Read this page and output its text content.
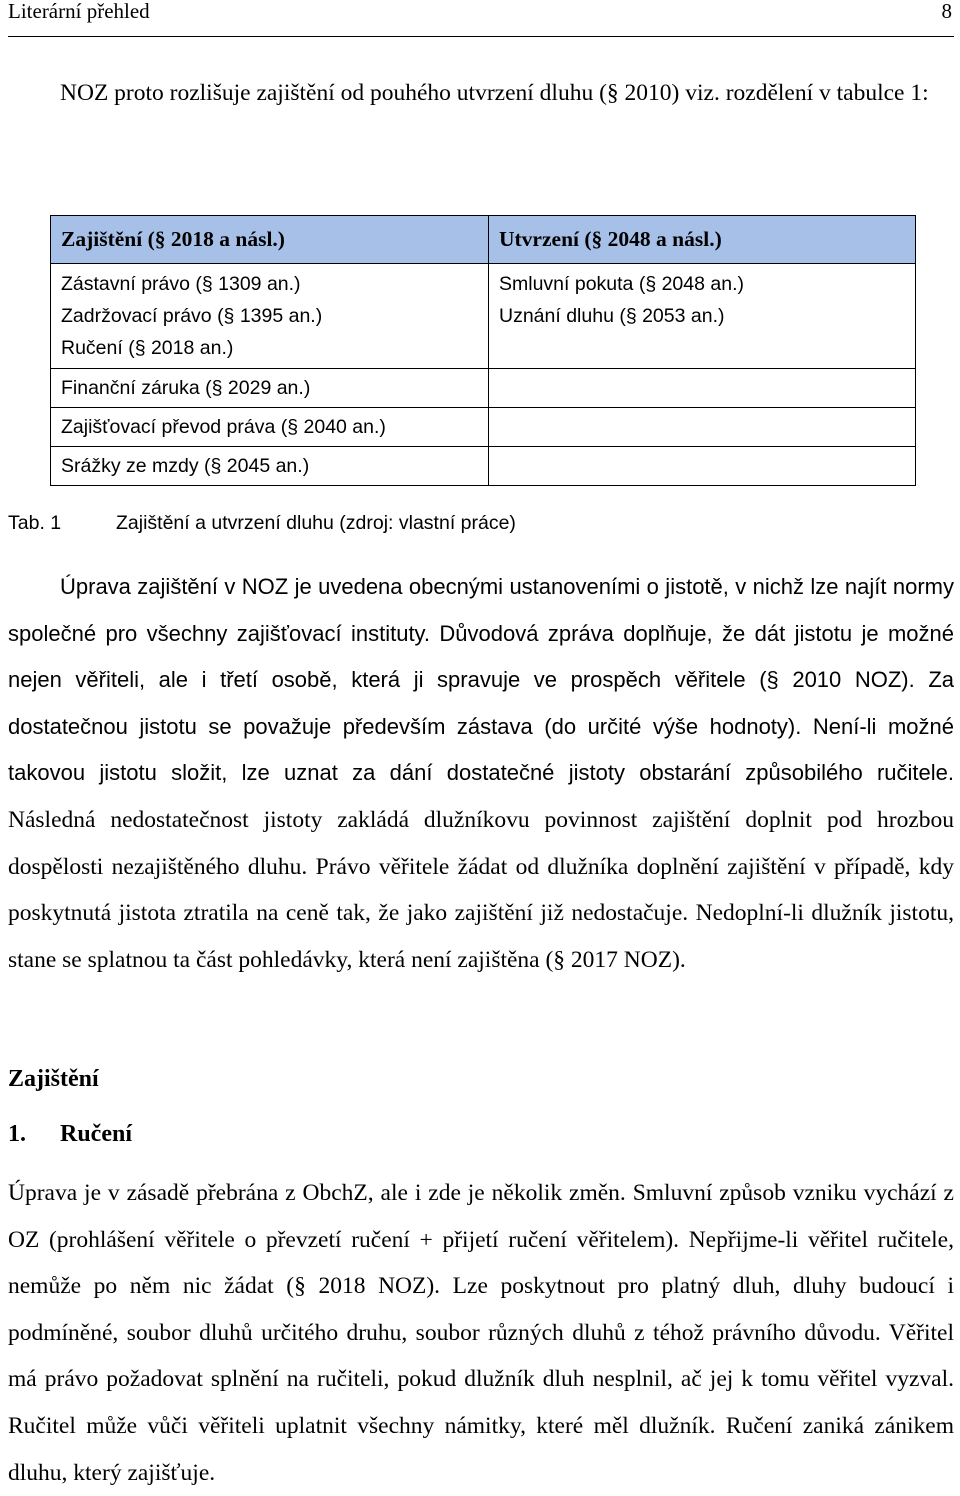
Literární přehled	8

NOZ proto rozlišuje zajištění od pouhého utvrzení dluhu (§ 2010) viz. rozdělení v tabulce 1:

Zajištění (§ 2018 a násl.)	Utvrzení (§ 2048 a násl.)
Zástavní právo (§ 1309 an.)	Smluvní pokuta (§ 2048 an.)
Zadržovací právo (§ 1395 an.)	Uznání dluhu (§ 2053 an.)
Ručení (§ 2018 an.)	
Finanční záruka (§ 2029 an.)	
Zajišťovací převod práva (§ 2040 an.)	
Srážky ze mzdy (§ 2045 an.)	
Tab. 1	Zajištění a utvrzení dluhu (zdroj: vlastní práce)

Úprava zajištění v NOZ je uvedena obecnými ustanoveními o jistotě, v nichž lze najít normy společné pro všechny zajišťovací instituty. Důvodová zpráva doplňuje, že dát jistotu je možné nejen věřiteli, ale i třetí osobě, která ji spravuje ve prospěch věřitele (§ 2010 NOZ). Za dostatečnou jistotu se považuje především zástava (do určité výše hodnoty). Není-li možné takovou jistotu složit, lze uznat za dání dostatečné jistoty obstarání způsobilého ručitele. Následná nedostatečnost jistoty zakládá dlužníkovu povinnost zajištění doplnit pod hrozbou dospělosti nezajištěného dluhu. Právo věřitele žádat od dlužníka doplnění zajištění v případě, kdy poskytnutá jistota ztratila na ceně tak, že jako zajištění již nedostačuje. Nedoplní-li dlužník jistotu, stane se splatnou ta část pohledávky, která není zajištěna (§ 2017 NOZ).

Zajištění
1. Ručení

Úprava je v zásadě přebrána z ObchZ, ale i zde je několik změn. Smluvní způsob vzniku vychází z OZ (prohlášení věřitele o převzetí ručení + přijetí ručení věřitelem). Nepřijme-li věřitel ručitele, nemůže po něm nic žádat (§ 2018 NOZ). Lze poskytnout pro platný dluh, dluhy budoucí i podmíněné, soubor dluhů určitého druhu, soubor různých dluhů z téhož právního důvodu. Věřitel má právo požadovat splnění na ručiteli, pokud dlužník dluh nesplnil, ač jej k tomu věřitel vyzval. Ručitel může vůči věřiteli uplatnit všechny námitky, které měl dlužník. Ručení zaniká zánikem dluhu, který zajišťuje.
